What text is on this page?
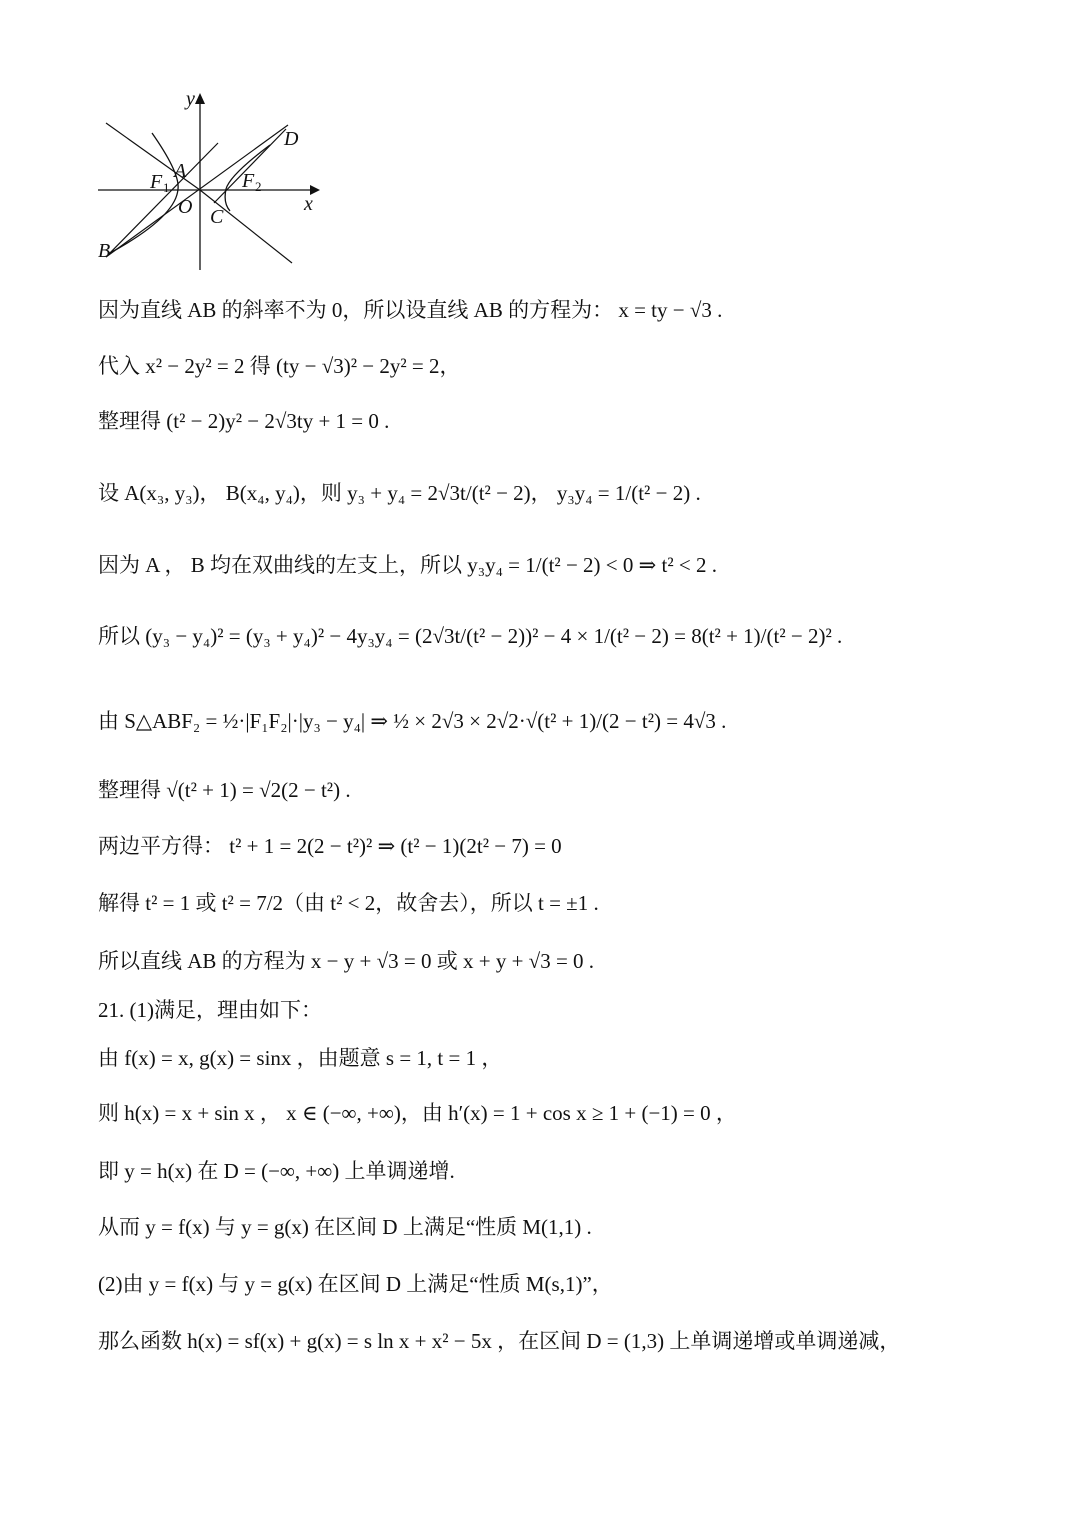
y
x
D
A
F 1	F 2
O C
B
因为直线 AB 的斜率不为 0，所以设直线 AB 的方程为： x = ty − √3 .
代入 x² − 2y² = 2 得 (ty − √3)² − 2y² = 2，
整理得 (t² − 2)y² − 2√3ty + 1 = 0 .
设 A(x₃, y₃)， B(x₄, y₄)，则 y₃ + y₄ = 2√3t/(t² − 2)， y₃y₄ = 1/(t² − 2) .
因为 A ， B 均在双曲线的左支上，所以 y₃y₄ = 1/(t² − 2) < 0 ⇒ t² < 2 .
所以 (y₃ − y₄)² = (y₃ + y₄)² − 4y₃y₄ = (2√3t/(t² − 2))² − 4 × 1/(t² − 2) = 8(t² + 1)/(t² − 2)² .
由 S△ABF₂ = ½·|F₁F₂|·|y₃ − y₄| ⇒ ½ × 2√3 × 2√2·√(t² + 1)/(2 − t²) = 4√3 .
整理得 √(t² + 1) = √2(2 − t²) .
两边平方得： t² + 1 = 2(2 − t²)² ⇒ (t² − 1)(2t² − 7) = 0
解得 t² = 1 或 t² = 7/2（由 t² < 2，故舍去），所以 t = ±1 .
所以直线 AB 的方程为 x − y + √3 = 0 或 x + y + √3 = 0 .
21. (1)满足，理由如下：
由 f(x) = x, g(x) = sinx ，由题意 s = 1, t = 1 ，
则 h(x) = x + sin x ， x ∈ (−∞, +∞)，由 h′(x) = 1 + cos x ≥ 1 + (−1) = 0 ，
即 y = h(x) 在 D = (−∞, +∞) 上单调递增.
从而 y = f(x) 与 y = g(x) 在区间 D 上满足“性质 M(1,1) .
(2)由 y = f(x) 与 y = g(x) 在区间 D 上满足“性质 M(s,1)”，
那么函数 h(x) = sf(x) + g(x) = s ln x + x² − 5x ，在区间 D = (1,3) 上单调递增或单调递减，
